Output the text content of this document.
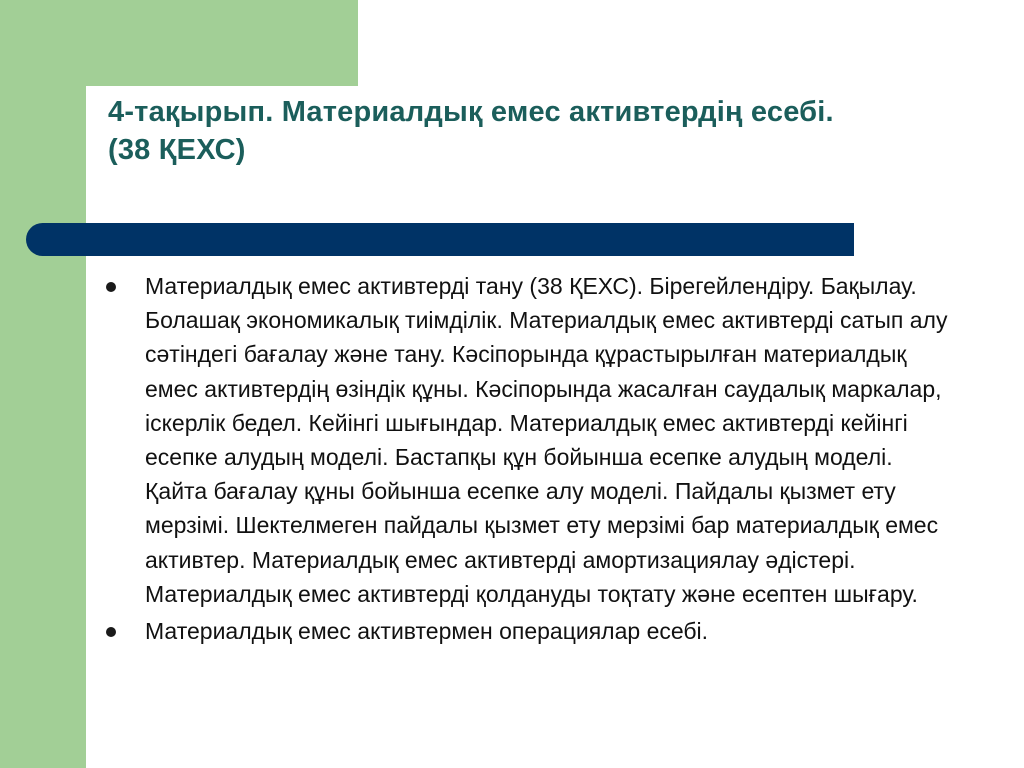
4-тақырып. Материалдық емес активтердің есебі.
(38 ҚЕХС)
Материалдық емес активтерді тану (38 ҚЕХС). Бірегейлендіру. Бақылау. Болашақ экономикалық тиімділік. Материалдық емес активтерді сатып алу сәтіндегі бағалау және тану. Кәсіпорында құрастырылған материалдық емес активтердің өзіндік құны. Кәсіпорында жасалған саудалық маркалар, іскерлік бедел. Кейінгі шығындар. Материалдық емес активтерді кейінгі есепке алудың моделі. Бастапқы құн бойынша есепке алудың моделі. Қайта бағалау құны бойынша есепке алу моделі. Пайдалы қызмет ету мерзімі. Шектелмеген пайдалы қызмет ету мерзімі бар материалдық емес активтер. Материалдық емес активтерді амортизациялау әдістері. Материалдық емес активтерді қолдануды тоқтату және есептен шығару.
Материалдық емес активтермен операциялар есебі.
